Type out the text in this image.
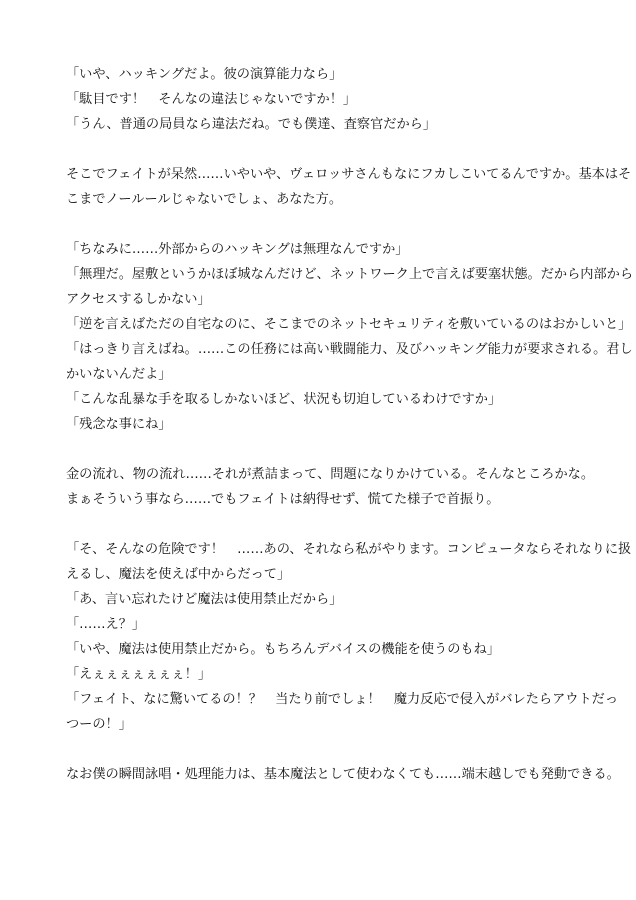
「いや、ハッキングだよ。彼の演算能力なら」
「駄目です！　そんなの違法じゃないですか！」
「うん、普通の局員なら違法だね。でも僕達、査察官だから」
そこでフェイトが呆然……いやいや、ヴェロッサさんもなにフカしこいてるんですか。基本はそ
こまでノールールじゃないでしょ、あなた方。
「ちなみに……外部からのハッキングは無理なんですか」
「無理だ。屋敷というかほぼ城なんだけど、ネットワーク上で言えば要塞状態。だから内部から
アクセスするしかない」
「逆を言えばただの自宅なのに、そこまでのネットセキュリティを敷いているのはおかしいと」
「はっきり言えばね。……この任務には高い戦闘能力、及びハッキング能力が要求される。君し
かいないんだよ」
「こんな乱暴な手を取るしかないほど、状況も切迫しているわけですか」
「残念な事にね」
金の流れ、物の流れ……それが煮詰まって、問題になりかけている。そんなところかな。
まぁそういう事なら……でもフェイトは納得せず、慌てた様子で首振り。
「そ、そんなの危険です！　……あの、それなら私がやります。コンピュータならそれなりに扱
えるし、魔法を使えば中からだって」
「あ、言い忘れたけど魔法は使用禁止だから」
「……え？」
「いや、魔法は使用禁止だから。もちろんデバイスの機能を使うのもね」
「えぇぇぇぇぇぇぇ！」
「フェイト、なに驚いてるの！？　当たり前でしょ！　魔力反応で侵入がバレたらアウトだっ
つーの！」
なお僕の瞬間詠唱・処理能力は、基本魔法として使わなくても……端末越しでも発動できる。
